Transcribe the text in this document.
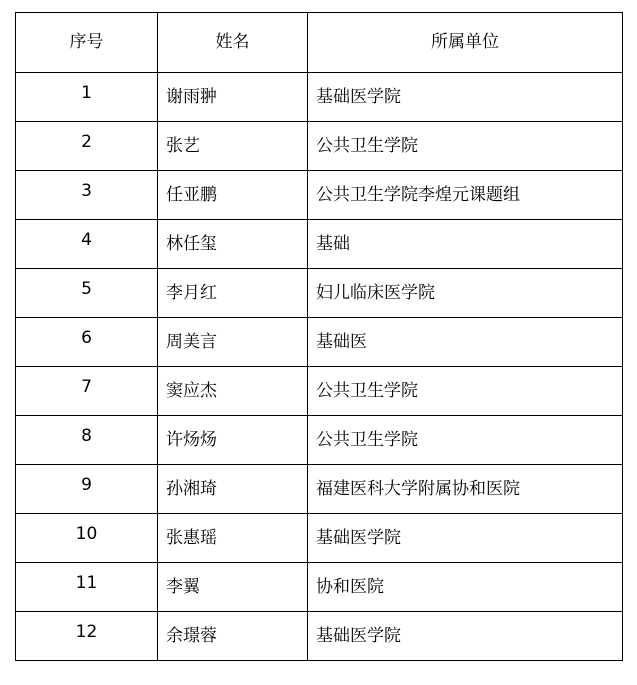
序号	姓名	所属单位
1	谢雨翀	基础医学院
2	张艺	公共卫生学院
3	任亚鹏	公共卫生学院李煌元课题组
4	林任玺	基础
5	李月红	妇儿临床医学院
6	周美言	基础医
7	窦应杰	公共卫生学院
8	许炀炀	公共卫生学院
9	孙湘琦	福建医科大学附属协和医院
10	张惠瑶	基础医学院
11	李翼	协和医院
12	余璟蓉	基础医学院
